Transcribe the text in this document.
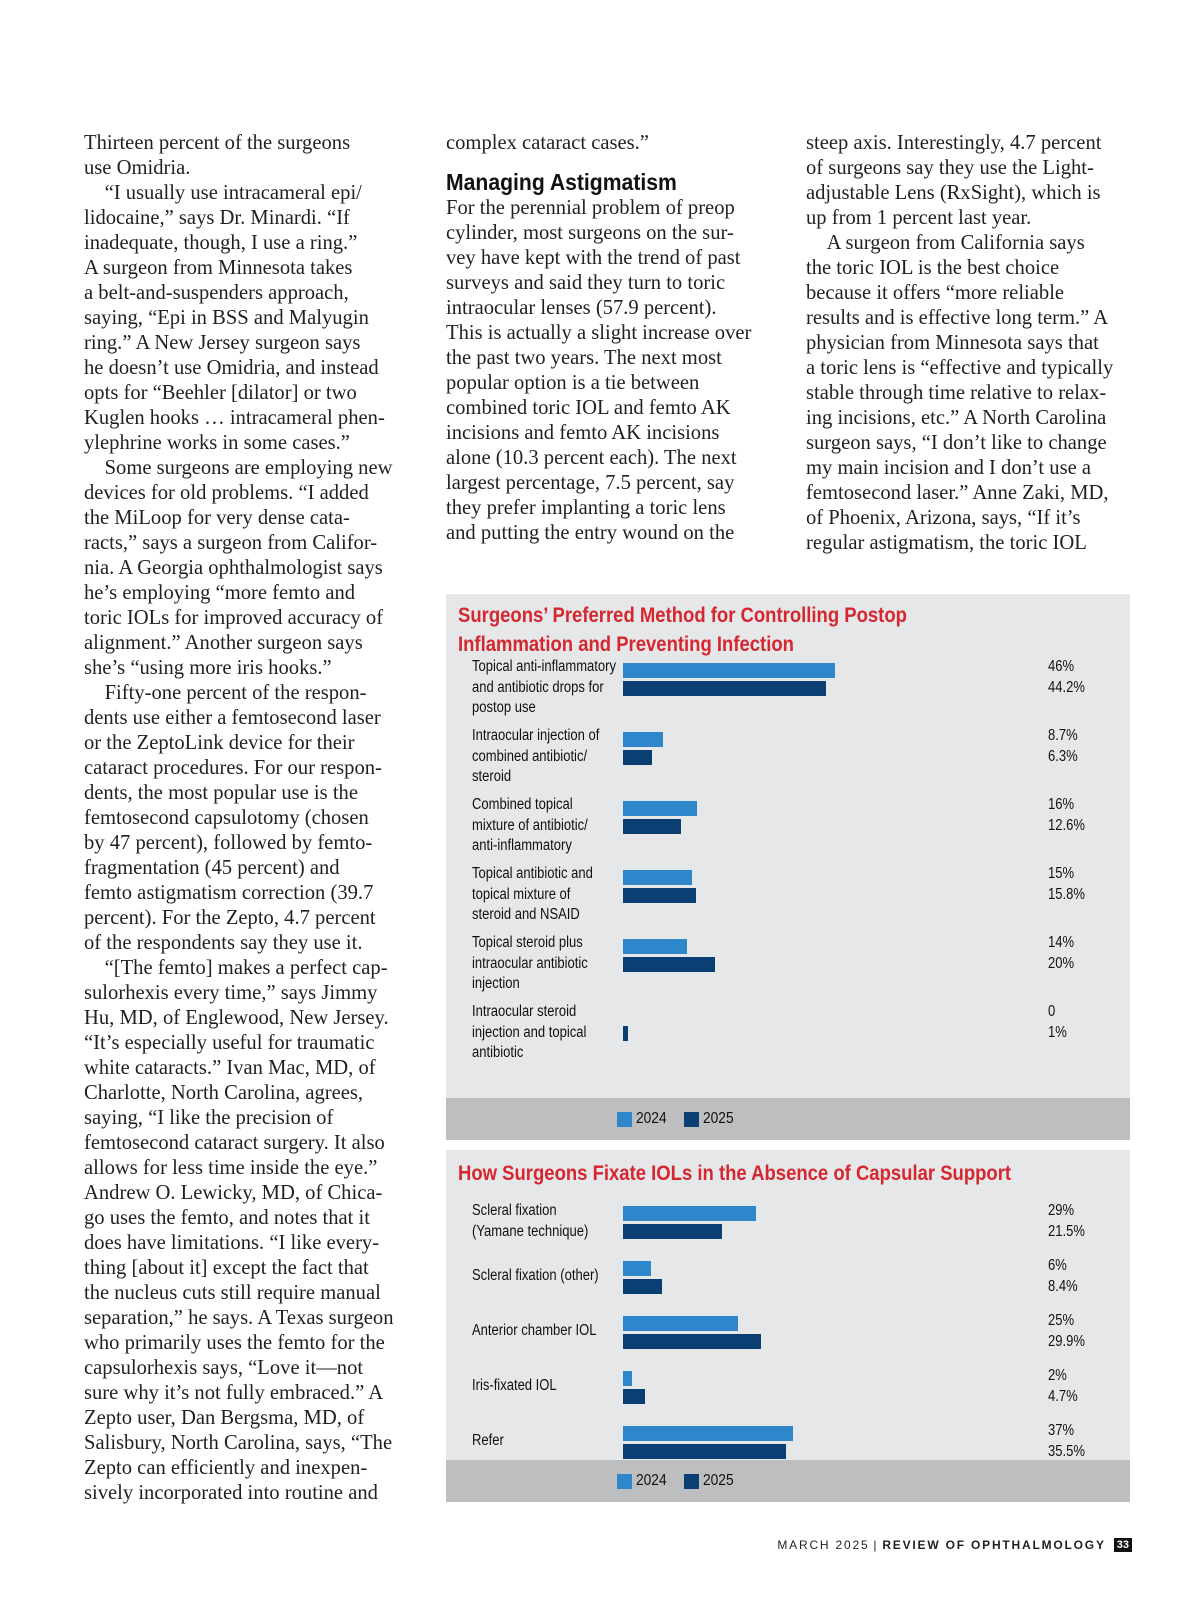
Thirteen percent of the surgeons

use Omidria.

“I usually use intracameral epi/

lidocaine,” says Dr. Minardi. “If

inadequate, though, I use a ring.”

A surgeon from Minnesota takes

a belt-and-suspenders approach,

saying, “Epi in BSS and Malyugin

ring.” A New Jersey surgeon says

he doesn’t use Omidria, and instead

opts for “Beehler [dilator] or two

Kuglen hooks … intracameral phen-

ylephrine works in some cases.”

Some surgeons are employing new

devices for old problems. “I added

the MiLoop for very dense cata-

racts,” says a surgeon from Califor-

nia. A Georgia ophthalmologist says

he’s employing “more femto and

toric IOLs for improved accuracy of

alignment.” Another surgeon says

she’s “using more iris hooks.”

Fifty-one percent of the respon-

dents use either a femtosecond laser

or the ZeptoLink device for their

cataract procedures. For our respon-

dents, the most popular use is the

femtosecond capsulotomy (chosen

by 47 percent), followed by femto-

fragmentation (45 percent) and

femto astigmatism correction (39.7

percent). For the Zepto, 4.7 percent

of the respondents say they use it.

“[The femto] makes a perfect cap-

sulorhexis every time,” says Jimmy

Hu, MD, of Englewood, New Jersey.

“It’s especially useful for traumatic

white cataracts.” Ivan Mac, MD, of

Charlotte, North Carolina, agrees,

saying, “I like the precision of

femtosecond cataract surgery. It also

allows for less time inside the eye.”

Andrew O. Lewicky, MD, of Chica-

go uses the femto, and notes that it

does have limitations. “I like every-

thing [about it] except the fact that

the nucleus cuts still require manual

separation,” he says. A Texas surgeon

who primarily uses the femto for the

capsulorhexis says, “Love it—not

sure why it’s not fully embraced.” A

Zepto user, Dan Bergsma, MD, of

Salisbury, North Carolina, says, “The

Zepto can efficiently and inexpen-

sively incorporated into routine and

complex cataract cases.”

Managing Astigmatism

For the perennial problem of preop

cylinder, most surgeons on the sur-

vey have kept with the trend of past

surveys and said they turn to toric

intraocular lenses (57.9 percent).

This is actually a slight increase over

the past two years. The next most

popular option is a tie between

combined toric IOL and femto AK

incisions and femto AK incisions

alone (10.3 percent each). The next

largest percentage, 7.5 percent, say

they prefer implanting a toric lens

and putting the entry wound on the

steep axis. Interestingly, 4.7 percent

of surgeons say they use the Light-

adjustable Lens (RxSight), which is

up from 1 percent last year.

A surgeon from California says

the toric IOL is the best choice

because it offers “more reliable

results and is effective long term.” A

physician from Minnesota says that

a toric lens is “effective and typically

stable through time relative to relax-

ing incisions, etc.” A North Carolina

surgeon says, “I don’t like to change

my main incision and I don’t use a

femtosecond laser.” Anne Zaki, MD,

of Phoenix, Arizona, says, “If it’s

regular astigmatism, the toric IOL

Surgeons’ Preferred Method for Controlling Postop
Inflammation and Preventing Infection
Topical anti-inflammatory
and antibiotic drops for
postop use
46%
44.2%
Intraocular injection of
combined antibiotic/
steroid
8.7%
6.3%
Combined topical
mixture of antibiotic/
anti-inflammatory
16%
12.6%
Topical antibiotic and
topical mixture of
steroid and NSAID
15%
15.8%
Topical steroid plus
intraocular antibiotic
injection
14%
20%
Intraocular steroid
injection and topical
antibiotic
0
1%
2024 2025
How Surgeons Fixate IOLs in the Absence of Capsular Support
Scleral fixation
(Yamane technique)
29%
21.5%
Scleral fixation (other)
6%
8.4%
Anterior chamber IOL
25%
29.9%
Iris-fixated IOL
2%
4.7%
Refer
37%
35.5%
2024 2025
MARCH 2025 | REVIEW OF OPHTHALMOLOGY 33
